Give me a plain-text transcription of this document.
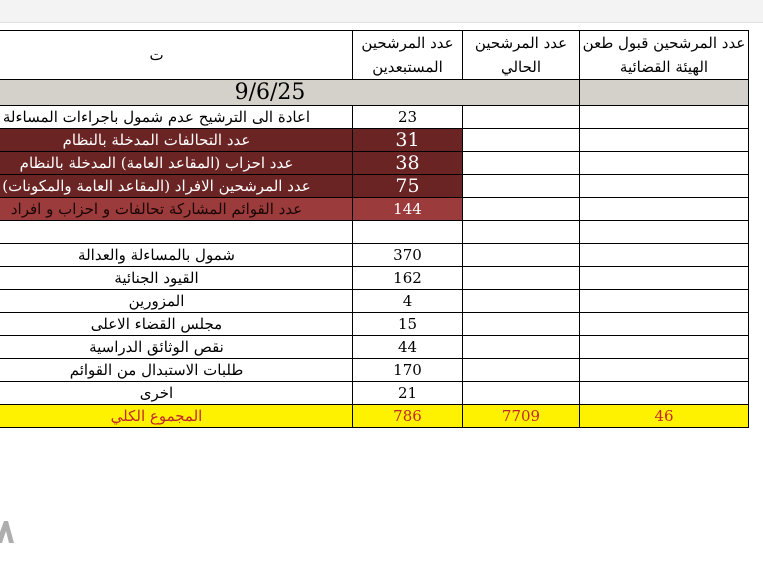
ت	عدد المرشحين المستبعدين	عدد المرشحين الحالي	عدد المرشحين قبول طعن الهيئة القضائية
9/6/25			
اعادة الى الترشيح عدم شمول باجراءات المساءلة	23		
عدد التحالفات المدخلة بالنظام	31		
عدد احزاب (المقاعد العامة) المدخلة بالنظام	38		
عدد المرشحين الافراد (المقاعد العامة والمكونات)	75		
عدد القوائم المشاركة تحالفات و احزاب و افراد	144		

شمول بالمساءلة والعدالة	370		
القيود الجنائية	162		
المزورين	4		
مجلس القضاء الاعلى	15		
نقص الوثائق الدراسية	44		
طلبات الاستبدال من القوائم	170		
اخرى	21		
المجموع الكلي	786	7709	46
